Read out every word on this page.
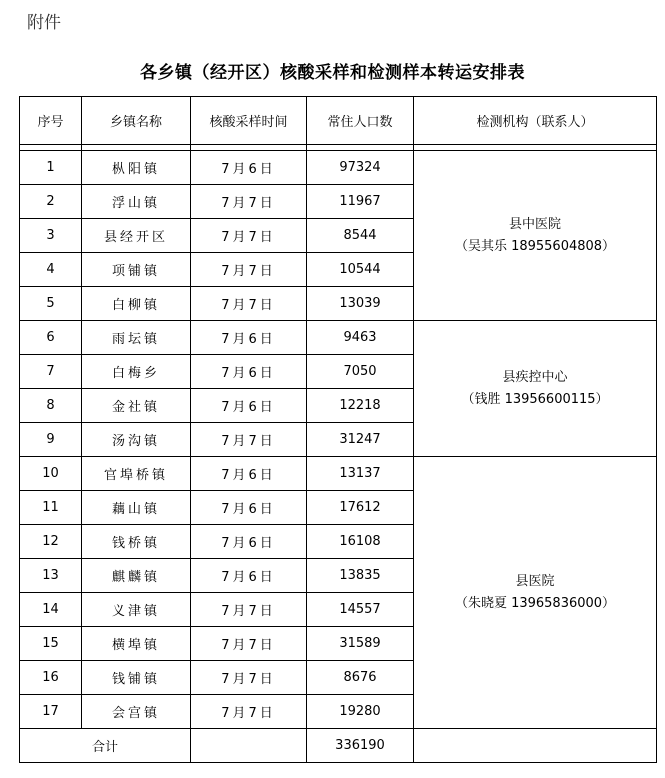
附件
各乡镇（经开区）核酸采样和检测样本转运安排表
序号	乡镇名称	核酸采样时间	常住人口数	检测机构（联系人）

1	枞阳镇	7月6日	97324	县中医院
（吴其乐 18955604808）

2	浮山镇	7月7日	11967	
3	县经开区	7月7日	8544	
4	项铺镇	7月7日	10544	
5	白柳镇	7月7日	13039	
6	雨坛镇	7月6日	9463	县疾控中心
（钱胜 13956600115）

7	白梅乡	7月6日	7050	
8	金社镇	7月6日	12218	
9	汤沟镇	7月7日	31247	
10	官埠桥镇	7月6日	13137	县医院
（朱晓夏 13965836000）

11	藕山镇	7月6日	17612	
12	钱桥镇	7月6日	16108	
13	麒麟镇	7月6日	13835	
14	义津镇	7月7日	14557	
15	横埠镇	7月7日	31589	
16	钱铺镇	7月7日	8676	
17	会宫镇	7月7日	19280	
合计			336190	
